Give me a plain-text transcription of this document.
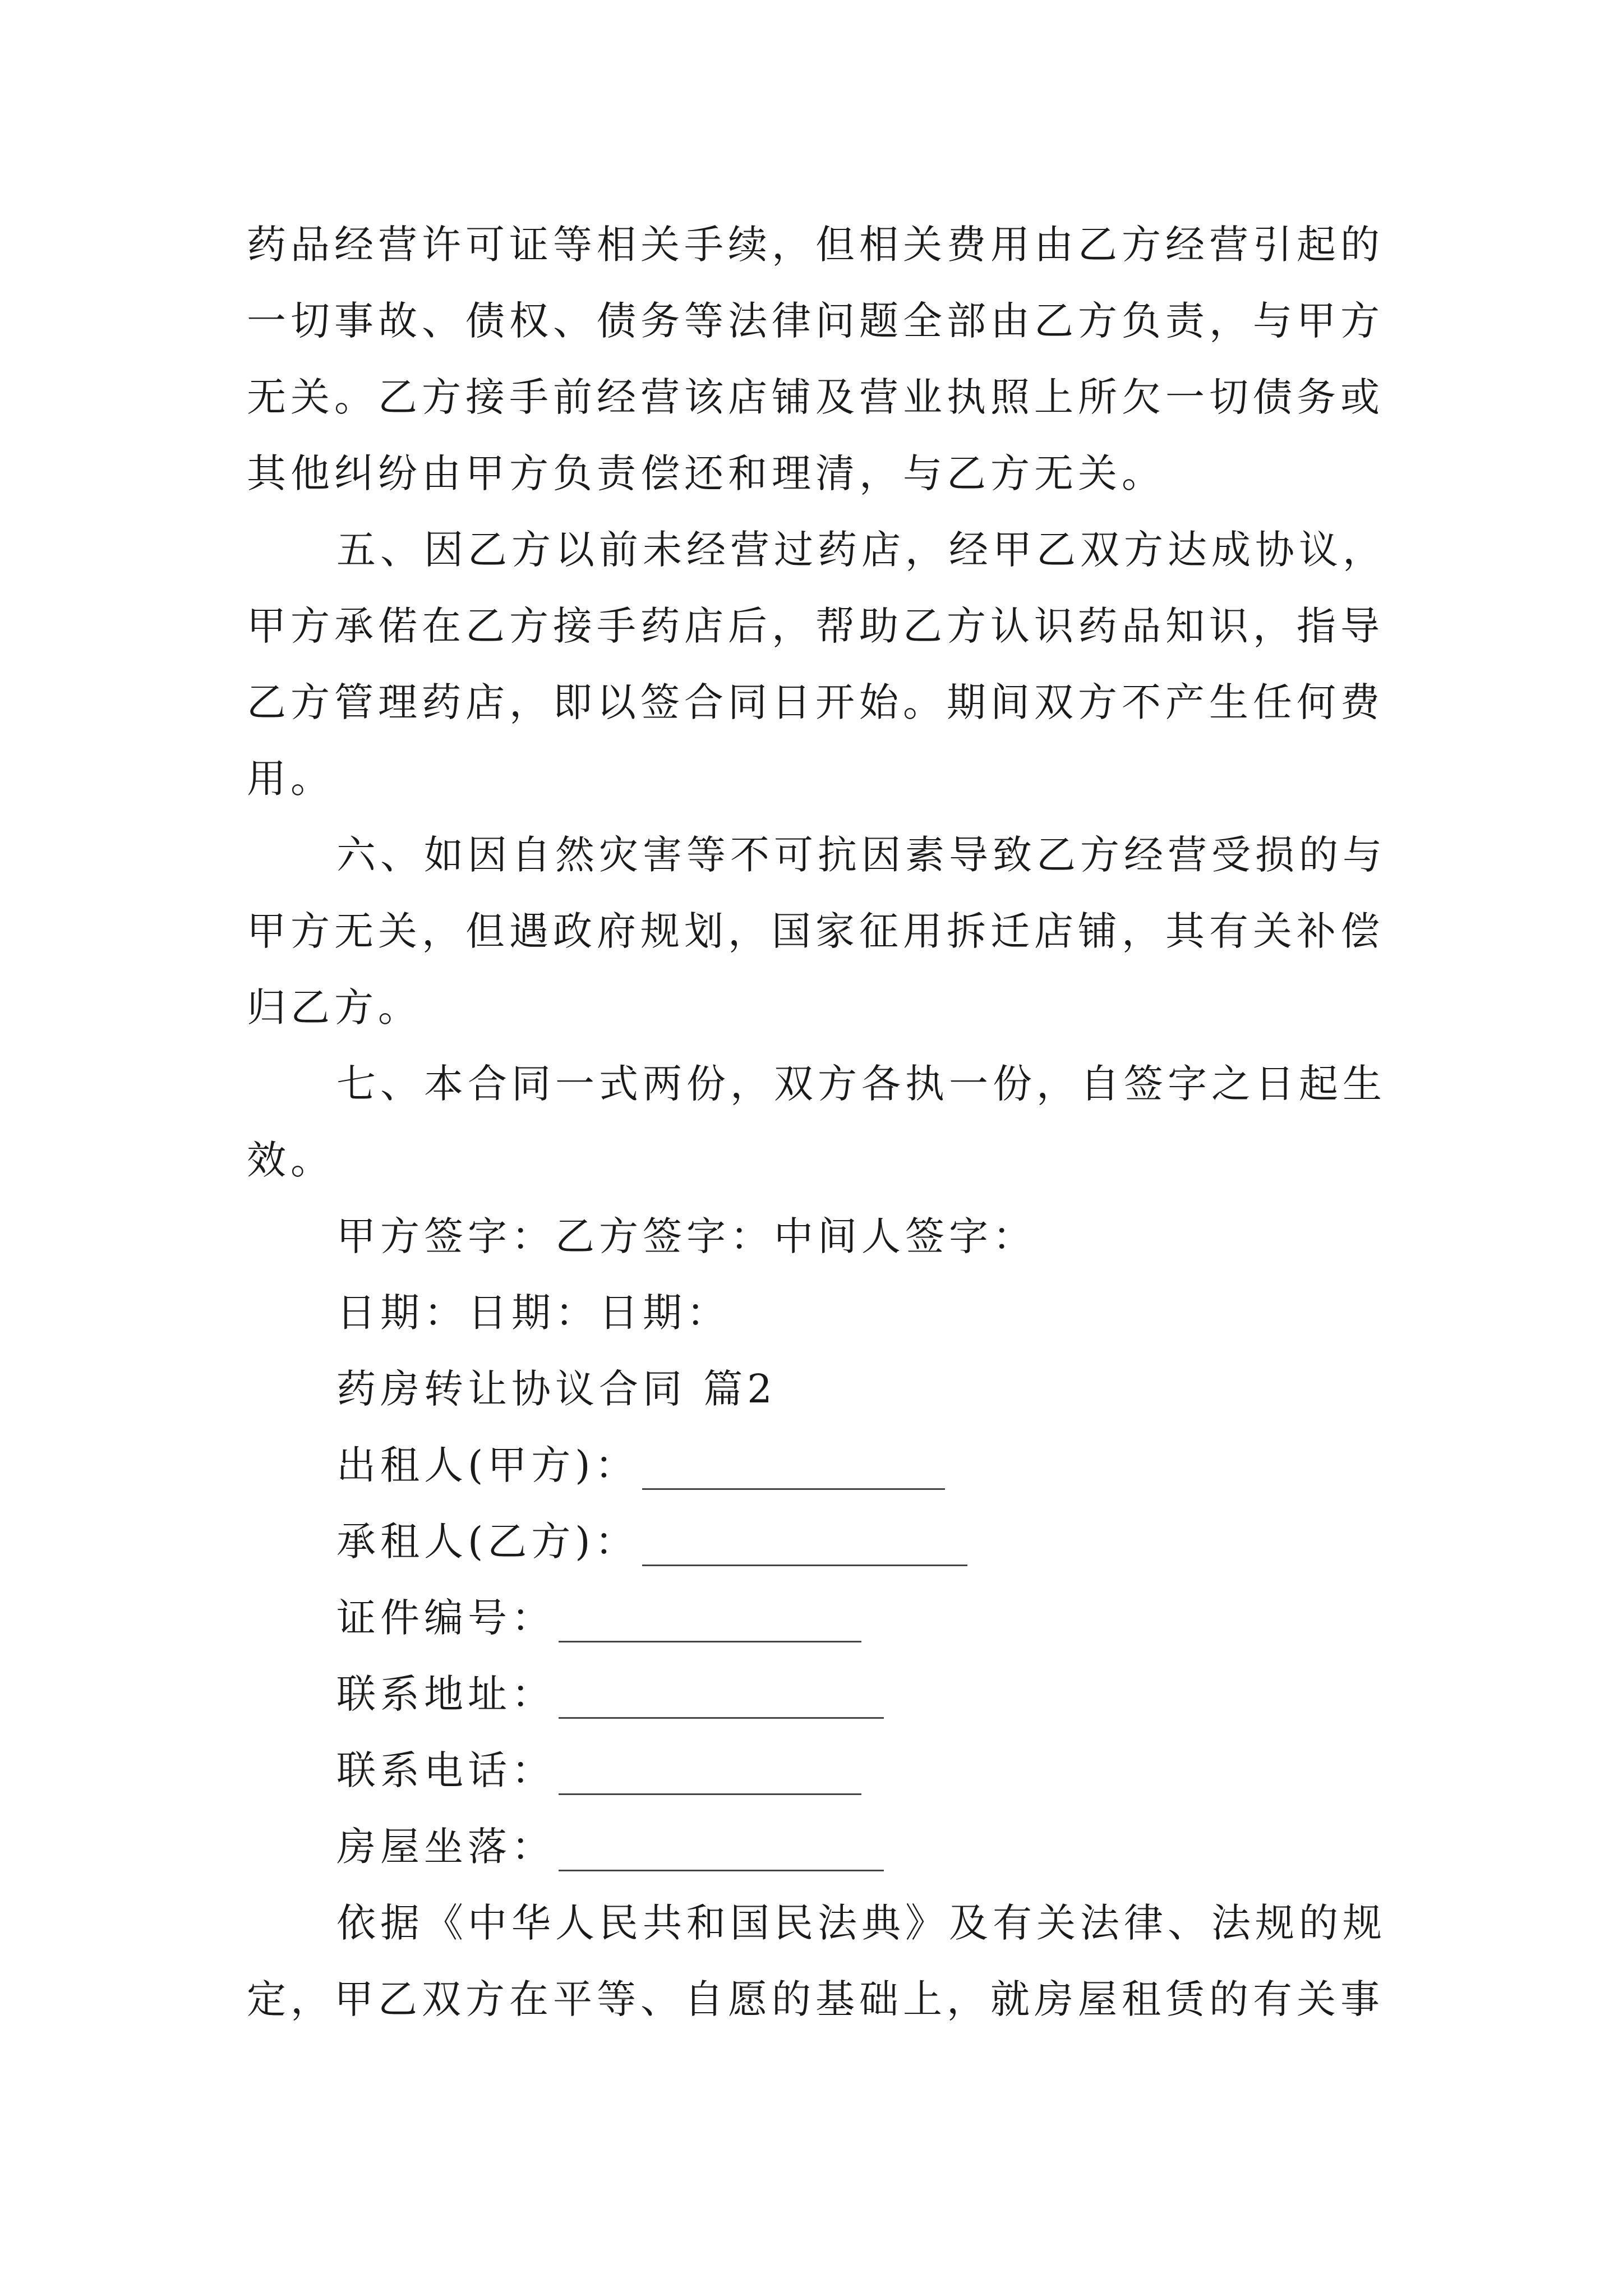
药品经营许可证等相关手续，但相关费用由乙方经营引起的
一切事故、债权、债务等法律问题全部由乙方负责，与甲方
无关。乙方接手前经营该店铺及营业执照上所欠一切债务或
其他纠纷由甲方负责偿还和理清，与乙方无关。
五、因乙方以前未经营过药店，经甲乙双方达成协议，
甲方承偌在乙方接手药店后，帮助乙方认识药品知识，指导
乙方管理药店，即以签合同日开始。期间双方不产生任何费
用。
六、如因自然灾害等不可抗因素导致乙方经营受损的与
甲方无关，但遇政府规划，国家征用拆迁店铺，其有关补偿
归乙方。
七、本合同一式两份，双方各执一份，自签字之日起生
效。
甲方签字：乙方签字：中间人签字：
日期：日期：日期：
药房转让协议合同 篇2
出租人(甲方)：
承租人(乙方)：
证件编号：
联系地址：
联系电话：
房屋坐落：
依据《中华人民共和国民法典》及有关法律、法规的规
定，甲乙双方在平等、自愿的基础上，就房屋租赁的有关事
